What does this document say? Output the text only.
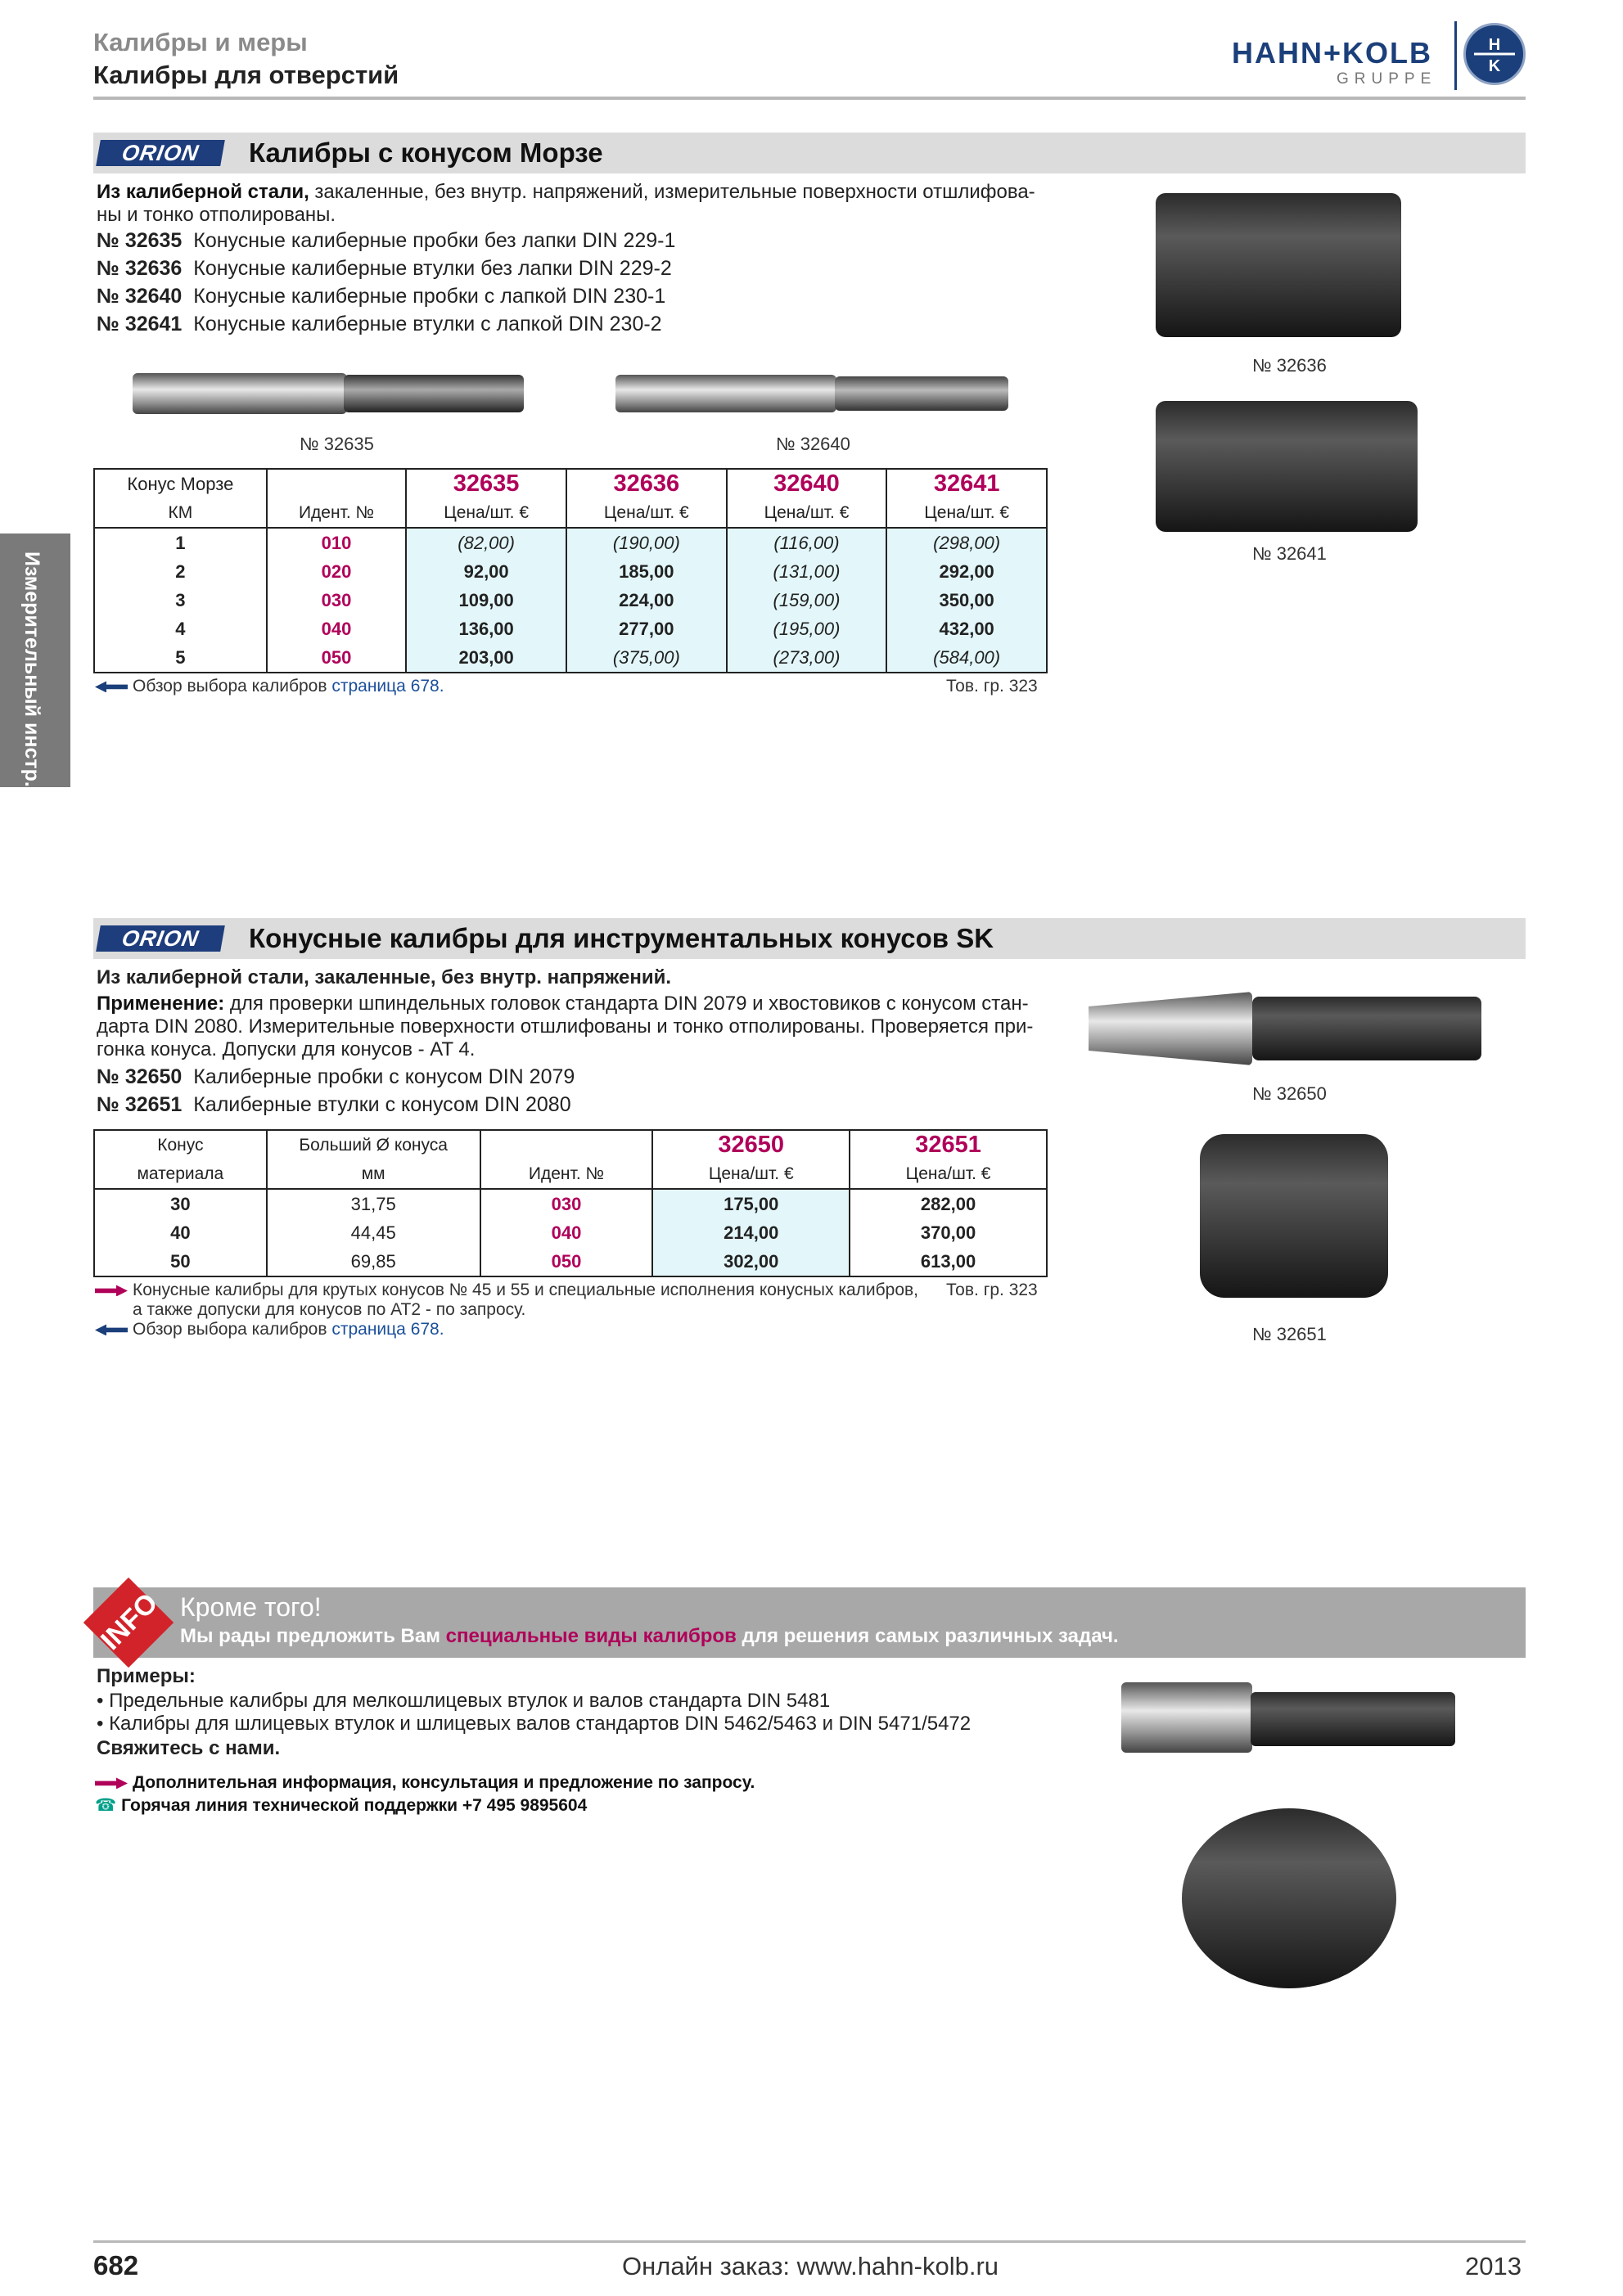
Калибры и меры
Калибры для отверстий
HAHN+KOLB
GRUPPE
H
K
Измерительный инстр.
ORION	Калибры с конусом Морзе
Из калиберной стали, закаленные, без внутр. напряжений, измерительные поверхности отшлифова-
ны и тонко отполированы.
№ 32635 Конусные калиберные пробки без лапки DIN 229-1
№ 32636 Конусные калиберные втулки без лапки DIN 229-2
№ 32640 Конусные калиберные пробки с лапкой DIN 230-1
№ 32641 Конусные калиберные втулки с лапкой DIN 230-2
№ 32635	№ 32640
№ 32636
№ 32641
Конус Морзе		32635	32636	32640	32641
КМ	Идент. №	Цена/шт. €	Цена/шт. €	Цена/шт. €	Цена/шт. €
1	010	(82,00)	(190,00)	(116,00)	(298,00)
2	020	92,00	185,00	(131,00)	292,00
3	030	109,00	224,00	(159,00)	350,00
4	040	136,00	277,00	(195,00)	432,00
5	050	203,00	(375,00)	(273,00)	(584,00)
Обзор выбора калибров страница 678.	Тов. гр. 323
ORION	Конусные калибры для инструментальных конусов SK
Из калиберной стали, закаленные, без внутр. напряжений.
Применение: для проверки шпиндельных головок стандарта DIN 2079 и хвостовиков с конусом стан-
дарта DIN 2080. Измерительные поверхности отшлифованы и тонко отполированы. Проверяется при-
гонка конуса. Допуски для конусов - AT 4.
№ 32650 Калиберные пробки с конусом DIN 2079
№ 32651 Калиберные втулки с конусом DIN 2080	№ 32650
№ 32651
Конус	Больший Ø конуса		32650	32651
материала	мм	Идент. №	Цена/шт. €	Цена/шт. €
30	31,75	030	175,00	282,00
40	44,45	040	214,00	370,00
50	69,85	050	302,00	613,00
Конусные калибры для крутых конусов № 45 и 55 и специальные исполнения конусных калибров,
а также допуски для конусов по AT2 - по запросу.
Обзор выбора калибров страница 678.
Тов. гр. 323
INFO Кроме того!
Мы рады предложить Вам специальные виды калибров для решения самых различных задач.
Примеры:
• Предельные калибры для мелкошлицевых втулок и валов стандарта DIN 5481
• Калибры для шлицевых втулок и шлицевых валов стандартов DIN 5462/5463 и DIN 5471/5472
Свяжитесь с нами.
Дополнительная информация, консультация и предложение по запросу.
☎ Горячая линия технической поддержки +7 495 9895604
682	Онлайн заказ: www.hahn-kolb.ru	2013
